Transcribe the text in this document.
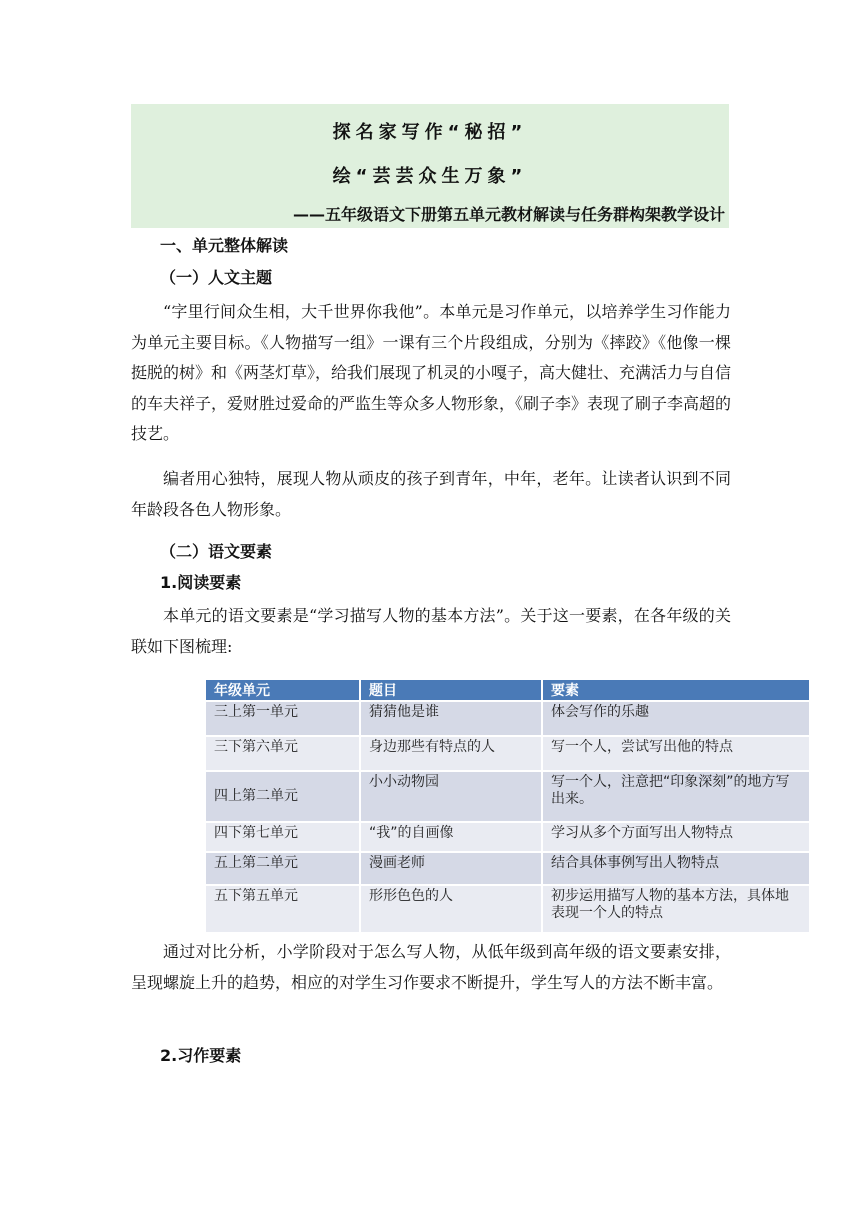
探名家写作“秘招”
绘“芸芸众生万象”
——五年级语文下册第五单元教材解读与任务群构架教学设计
一、单元整体解读
（一）人文主题

“字里行间众生相，大千世界你我他”。本单元是习作单元，以培养学生习作能力为单元主要目标。《人物描写一组》一课有三个片段组成，分别为《摔跤》《他像一棵挺脱的树》和《两茎灯草》，给我们展现了机灵的小嘎子，高大健壮、充满活力与自信的车夫祥子，爱财胜过爱命的严监生等众多人物形象，《刷子李》表现了刷子李高超的技艺。

编者用心独特，展现人物从顽皮的孩子到青年，中年，老年。让读者认识到不同年龄段各色人物形象。

（二）语文要素
1.阅读要素

本单元的语文要素是“学习描写人物的基本方法”。关于这一要素，在各年级的关联如下图梳理:

年级单元	题目	要素
三上第一单元	猜猜他是谁	体会写作的乐趣
三下第六单元	身边那些有特点的人	写一个人，尝试写出他的特点
四上第二单元	小小动物园	写一个人，注意把“印象深刻”的地方写出来。
四下第七单元	“我”的自画像	学习从多个方面写出人物特点
五上第二单元	漫画老师	结合具体事例写出人物特点
五下第五单元	形形色色的人	初步运用描写人物的基本方法，具体地表现一个人的特点

通过对比分析，小学阶段对于怎么写人物，从低年级到高年级的语文要素安排，呈现螺旋上升的趋势，相应的对学生习作要求不断提升，学生写人的方法不断丰富。

2.习作要素
